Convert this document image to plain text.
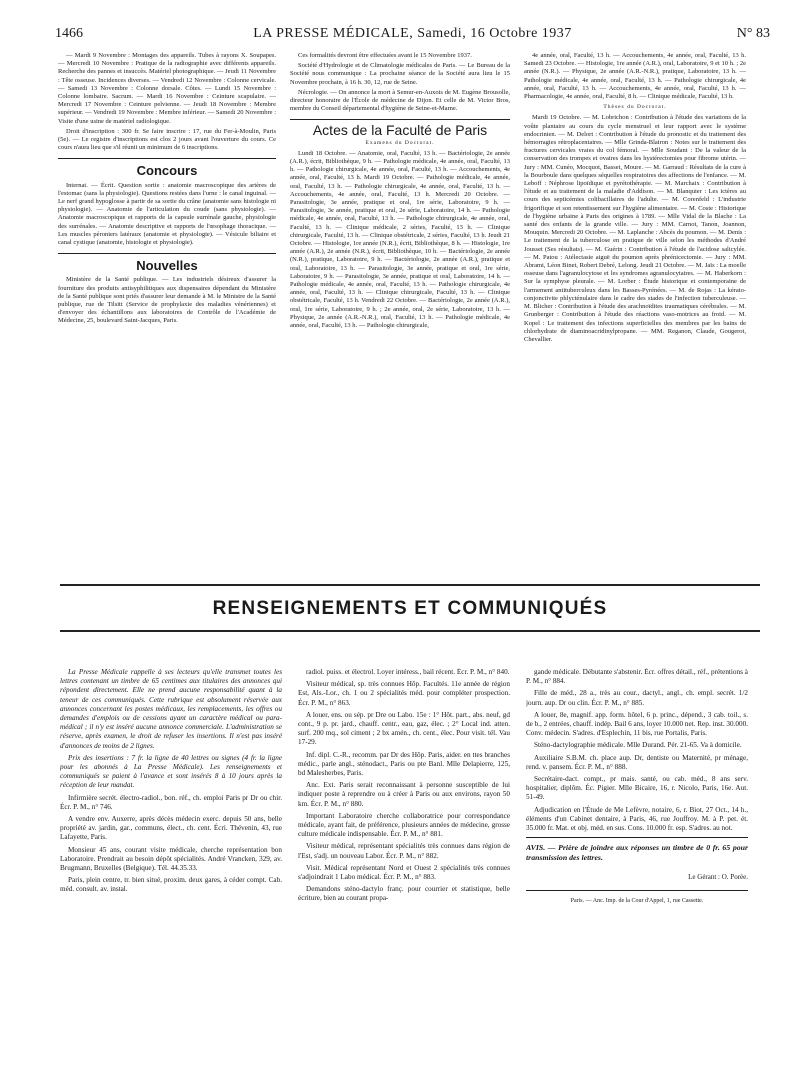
1466	LA PRESSE MÉDICALE, Samedi, 16 Octobre 1937	N° 83

— Mardi 9 Novembre : Montages des appareils. Tubes à rayons X. Soupapes. — Mercredi 10 Novembre : Pratique de la radiographie avec différents appareils. Recherche des pannes et insuccès. Matériel photographique. — Jeudi 11 Novembre : Tête osseuse. Incidences diverses. — Vendredi 12 Novembre : Colonne cervicale. — Samedi 13 Novembre : Colonne dorsale. Côtes. — Lundi 15 Novembre : Colonne lombaire. Sacrum. — Mardi 16 Novembre : Ceinture scapulaire. — Mercredi 17 Novembre : Ceinture pelvienne. — Jeudi 18 Novembre : Membre supérieur. — Vendredi 19 Novembre : Membre inférieur. — Samedi 20 Novembre : Visite d'une usine de matériel radiologique.

Droit d'inscription : 300 fr. Se faire inscrire : 17, rue du Fer-à-Moulin, Paris (5e). — Le registre d'inscriptions est clos 2 jours avant l'ouverture du cours. Ce cours n'aura lieu que s'il réunit un minimum de 6 inscriptions.

Concours

Internat. — Écrit. Question sortie : anatomie macroscopique des artères de l'estomac (sans la physiologie). Questions restées dans l'urne : le canal inguinal. — Le nerf grand hypoglosse à partir de sa sortie du crâne (anatomie sans histologie ni physiologie). — Anatomie de l'articulation du coude (sans physiologie). — Anatomie macroscopique et rapports de la capsule surrénale gauche, physiologie des surrénales. — Anatomie descriptive et rapports de l'œsophage thoracique. — Les muscles péroniers latéraux (anatomie et physiologie). — Vésicule biliaire et canal cystique (anatomie, histologie et physiologie).

Nouvelles

Ministère de la Santé publique. — Les industriels désireux d'assurer la fourniture des produits antisyphilitiques aux dispensaires dépendant du Ministère de la Santé publique sont priés d'assurer leur demande à M. le Ministre de la Santé publique, rue de Tilsitt (Service de prophylaxie des maladies vénériennes) et d'envoyer des échantillons aux laboratoires de Contrôle de l'Académie de Médecine, 25, boulevard Saint-Jacques, Paris.

Ces formalités devront être effectuées avant le 15 Novembre 1937.

Société d'Hydrologie et de Climatologie médicales de Paris. — Le Bureau de la Société nous communique : La prochaine séance de la Société aura lieu le 15 Novembre prochain, à 16 h. 30, 12, rue de Seine.

Nécrologie. — On annonce la mort à Semur-en-Auxois de M. Eugène Brousolle, directeur honoraire de l'École de médecine de Dijon. Et celle de M. Victor Bros, membre du Conseil départemental d'hygiène de Seine-et-Marne.

Actes de la Faculté de Paris
Examens du Doctorat.

Lundi 18 Octobre. — Anatomie, oral, Faculté, 13 h. — Bactériologie, 2e année (A.R.), écrit, Bibliothèque, 9 h. — Pathologie médicale, 4e année, oral, Faculté, 13 h. — Pathologie chirurgicale, 4e année, oral, Faculté, 13 h. — Accouchements, 4e année, oral, Faculté, 13 h. Mardi 19 Octobre. — Pathologie médicale, 4e année, oral, Faculté, 13 h. — Pathologie chirurgicale, 4e année, oral, Faculté, 13 h. — Accouchements, 4e année, oral, Faculté, 13 h. Mercredi 20 Octobre. — Parasitologie, 3e année, pratique et oral, 1re série, Laboratoire, 9 h. — Parasitologie, 3e année, pratique et oral, 2e série, Laboratoire, 14 h. — Pathologie médicale, 4e année, oral, Faculté, 13 h. — Pathologie chirurgicale, 4e année, oral, Faculté, 13 h. — Clinique médicale, 2 séries, Faculté, 13 h. — Clinique chirurgicale, Faculté, 13 h. — Clinique obstétricale, 2 séries, Faculté, 13 h. Jeudi 21 Octobre. — Histologie, 1re année (N.R.), écrit, Bibliothèque, 8 h. — Histologie, 1re année (A.R.), 2e année (N.R.), écrit, Bibliothèque, 10 h. — Bactériologie, 2e année (N.R.), pratique, Laboratoire, 9 h. — Bactériologie, 2e année (A.R.), pratique et oral, Laboratoire, 13 h. — Parasitologie, 3e année, pratique et oral, 1re série, Laboratoire, 9 h. — Parasitologie, 3e année, pratique et oral, Laboratoire, 14 h. — Pathologie médicale, 4e année, oral, Faculté, 13 h. — Pathologie chirurgicale, 4e année, oral, Faculté, 13 h. — Clinique chirurgicale, Faculté, 13 h. — Clinique obstétricale, Faculté, 13 h. Vendredi 22 Octobre. — Bactériologie, 2e année (A.R.), oral, 1re série, Laboratoire, 9 h. ; 2e année, oral, 2e série, Laboratoire, 13 h. — Physique, 2e année (A.R.-N.R.), oral, Faculté, 13 h. — Pathologie médicale, 4e année, oral, Faculté, 13 h. — Pathologie chirurgicale,

4e année, oral, Faculté, 13 h. — Accouchements, 4e année, oral, Faculté, 13 h. Samedi 23 Octobre. — Histologie, 1re année (A.R.), oral, Laboratoire, 9 et 10 h. ; 2e année (N.R.). — Physique, 2e année (A.R.-N.R.), pratique, Laboratoire, 13 h. — Pathologie médicale, 4e année, oral, Faculté, 13 h. — Pathologie chirurgicale, 4e année, oral, Faculté, 13 h. — Accouchements, 4e année, oral, Faculté, 13 h. — Pharmacologie, 4e année, oral, Faculté, 8 h. — Clinique médicale, Faculté, 13 h.

Thèses du Doctorat.

Mardi 19 Octobre. — M. Lobrichon : Contribution à l'étude des variations de la voûte plantaire au cours du cycle menstruel et leur rapport avec le système endocrinien. — M. Delort : Contribution à l'étude du pronostic et du traitement des hémorragies rétroplacentaires. — Mlle Grinda-Blairon : Notes sur le traitement des fractures cervicales vraies du col fémoral. — Mlle Soudant : De la valeur de la conservation des trompes et ovaires dans les hystérectomies pour fibrome utérin. — Jury : MM. Cunéo, Mocquot, Basset, Moure. — M. Garraud : Résultats de la cure à la Bourboule dans quelques séquelles respiratoires des affections de l'enfance. — M. Leboff : Néphrose lipoïdique et pyrétothérapie. — M. Marchaix : Contribution à l'étude et au traitement de la maladie d'Addison. — M. Blanquier : Les ictères au cours des septicémies colibacillaires de l'adulte. — M. Corenfeld : L'industrie frigorifique et son retentissement sur l'hygiène alimentaire. — M. Coste : Historique de l'hygiène urbaine à Paris des origines à 1789. — Mlle Vidal de la Blache : La santé des enfants de la grande ville. — Jury : MM. Carnot, Tanon, Joannon, Mouquin. Mercredi 20 Octobre. — M. Laplanche : Abcès du poumon. — M. Denis : Le traitement de la tuberculose en pratique de ville selon les méthodes d'André Jousset (Ses résultats). — M. Guérin : Contribution à l'étude de l'acidose salicylée. — M. Patou : Atélectasie aiguë du poumon après phrénicectomie. — Jury : MM. Abrami, Léon Binet, Robert Debré, Lelong. Jeudi 21 Octobre. — M. Jaïs : La moelle osseuse dans l'agranulocytose et les syndromes agranulocytaires. — M. Haberkorn : Sur la symphyse pleurale. — M. Lorber : Étude historique et contemporaine de l'armement antituberculeux dans les Basses-Pyrénées. — M. de Rojas : La kérato-conjonctivite phlycténulaire dans le cadre des stades de l'infection tuberculeuse. — M. Blicher : Contribution à l'étude des arachnoïdites traumatiques cérébrales. — M. Grunberger : Contribution à l'étude des réactions vaso-motrices au froid. — M. Kopel : Le traitement des infections superficielles des membres par les bains de chlorhydrate de diaminoacridinylpropane. — MM. Reganon, Claude, Gougerot, Chevallier.

RENSEIGNEMENTS ET COMMUNIQUÉS

La Presse Médicale rappelle à ses lecteurs qu'elle transmet toutes les lettres contenant un timbre de 65 centimes aux titulaires des annonces qui répondent directement. Elle ne prend aucune responsabilité quant à la teneur de ces communiqués. Cette rubrique est absolument réservée aux annonces concernant les postes médicaux, les remplacements, les offres ou demandes d'emplois ou de cessions ayant un caractère médical ou para-médical ; il n'y est inséré aucune annonce commerciale. L'administration se réserve, après examen, le droit de refuser les insertions. Il n'est pas inséré d'annonces de moins de 2 lignes.

Prix des insertions : 7 fr. la ligne de 40 lettres ou signes (4 fr. la ligne pour les abonnés à La Presse Médicale). Les renseignements et communiqués se paient à l'avance et sont insérés 8 à 10 jours après la réception de leur mandat.

Infirmière secrét. électro-radiol., bon. réf., ch. emploi Paris pr Dr ou chir. Écr. P. M., n° 746.

A vendre env. Auxerre, après décès médecin exerc. depuis 50 ans, belle propriété av. jardin, gar., communs, élect., ch. cent. Écri. Thévenin, 43, rue Lafayette, Paris.

Monsieur 45 ans, courant visite médicale, cherche représentation bon Laboratoire. Prendrait au besoin dépôt spécialités. André Vrancken, 329, av. Brugmann, Bruxelles (Belgique). Tél. 44.35.33.

Paris, plein centre, tr. bien situé, proxim. deux gares, à céder compt. Cab. méd. consult. av. instal.

radiol. puiss. et électrol. Loyer intéress., bail récent. Écr. P. M., n° 840.

Visiteur médical, sp. très connues Hôp. Facultés. 11e année de région Est, Als.-Lor., ch. 1 ou 2 spécialités méd. pour compléter prospection. Écr. P. M., n° 863.

A louer, ens. ou sép. pr Dre ou Labo. 15e : 1° Hôt. part., abs. neuf, gd cont., 9 p. pr. jard., chauff. centr., eau, gaz, élec. ; 2° Local ind. atten. surf. 200 mq., sol ciment ; 2 bx amén., ch. cent., élec. Pour visit. tél. Vau 17-29.

Inf. dipl. C.-R., recomm. par Dr des Hôp. Paris, aider. en ttes branches médic., parle angl., sténodact., Paris ou pte Banl. Mlle Delapierre, 125, bd Malesherbes, Paris.

Anc. Ext. Paris serait reconnaissant à personne susceptible de lui indiquer poste à reprendre ou à créer à Paris ou aux environs, rayon 50 km. Écr. P. M., n° 880.

Important Laboratoire cherche collaboratrice pour correspondance médicale, ayant fait, de préférence, plusieurs années de médecine, grosse culture médicale indispensable. Écr. P. M., n° 881.

Visiteur médical, représentant spécialités très connues dans région de l'Est, s'adj. un nouveau Labor. Écr. P. M., n° 882.

Visit. Médical représentant Nord et Ouest 2 spécialités très connues s'adjoindrait 1 Labo médical. Écr. P. M., n° 883.

Demandons sténo-dactylo franç. pour courrier et statistique, belle écriture, bien au courant propa-

gande médicale. Débutante s'abstenir. Écr. offres détail., réf., prétentions à P. M., n° 884.

Fille de méd., 28 a., très au cour., dactyl., angl., ch. empl. secrét. 1/2 journ. aup. Dr ou clin. Écr. P. M., n° 885.

A louer, 8e, magnif. app. form. hôtel, 6 p. princ., dépend., 3 cab. toil., s. de b., 2 entrées, chauff. indép. Bail 6 ans, loyer 10.000 net. Rep. inst. 30.000. Conv. médecin. S'adres. d'Esplechin, 11 bis, rue Portalis, Paris.

Sténo-dactylographie médicale. Mlle Durand. Pér. 21-65. Va à domicile.

Auxiliaire S.B.M. ch. place aup. Dr, dentiste ou Maternité, pr ménage, rend. v. pansem. Écr. P. M., n° 888.

Secrétaire-dact. compt., pr mais. santé, ou cab. méd., 8 ans serv. hospitalier, diplôm. Éc. Pigier. Mlle Bicaire, 16, r. Nicolo, Paris, 16e. Aut. 51-49.

Adjudication en l'Étude de Me Lefèvre, notaire, 6, r. Biot, 27 Oct., 14 h., éléments d'un Cabinet dentaire, à Paris, 46, rue Jouffroy. M. à P. pet. ét. 35.000 fr. Mat. et obj. méd. en sus. Cons. 10.000 fr. esp. S'adres. au not.

AVIS. — Prière de joindre aux réponses un timbre de 0 fr. 65 pour transmission des lettres.
Le Gérant : O. Porée.
Paris. — Anc. Imp. de la Cour d'Appel, 1, rue Cassette.
